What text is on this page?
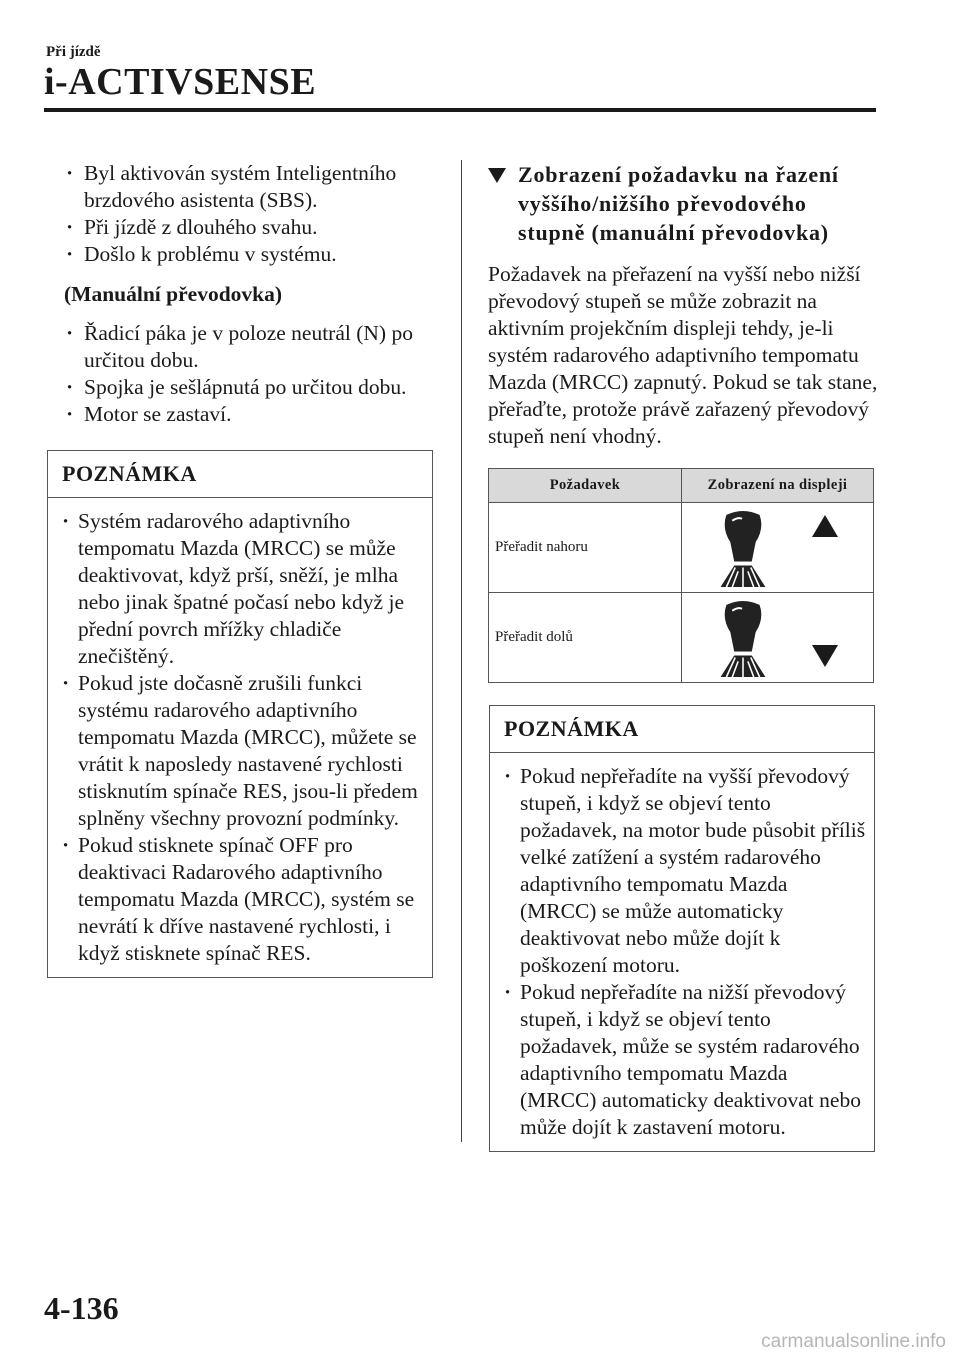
Při jízdě
i-ACTIVSENSE
· Byl aktivován systém Inteligentního brzdového asistenta (SBS).
· Při jízdě z dlouhého svahu.
· Došlo k problému v systému.
(Manuální převodovka)
· Řadicí páka je v poloze neutrál (N) po určitou dobu.
· Spojka je sešlápnutá po určitou dobu.
· Motor se zastaví.
POZNÁMKA
· Systém radarového adaptivního tempomatu Mazda (MRCC) se může deaktivovat, když prší, sněží, je mlha nebo jinak špatné počasí nebo když je přední povrch mřížky chladiče znečištěný.
· Pokud jste dočasně zrušili funkci systému radarového adaptivního tempomatu Mazda (MRCC), můžete se vrátit k naposledy nastavené rychlosti stisknutím spínače RES, jsou-li předem splněny všechny provozní podmínky.
· Pokud stisknete spínač OFF pro deaktivaci Radarového adaptivního tempomatu Mazda (MRCC), systém se nevrátí k dříve nastavené rychlosti, i když stisknete spínač RES.
Zobrazení požadavku na řazení vyššího/nižšího převodového stupně (manuální převodovka)
Požadavek na přeřazení na vyšší nebo nižší převodový stupeň se může zobrazit na aktivním projekčním displeji tehdy, je-li systém radarového adaptivního tempomatu Mazda (MRCC) zapnutý. Pokud se tak stane, přeřaďte, protože právě zařazený převodový stupeň není vhodný.
Požadavek	Zobrazení na displeji
Přeřadit nahoru	

Přeřadit dolů	
POZNÁMKA
· Pokud nepřeřadíte na vyšší převodový stupeň, i když se objeví tento požadavek, na motor bude působit příliš velké zatížení a systém radarového adaptivního tempomatu Mazda (MRCC) se může automaticky deaktivovat nebo může dojít k poškození motoru.
· Pokud nepřeřadíte na nižší převodový stupeň, i když se objeví tento požadavek, může se systém radarového adaptivního tempomatu Mazda (MRCC) automaticky deaktivovat nebo může dojít k zastavení motoru.
4-136
carmanualsonline.info
